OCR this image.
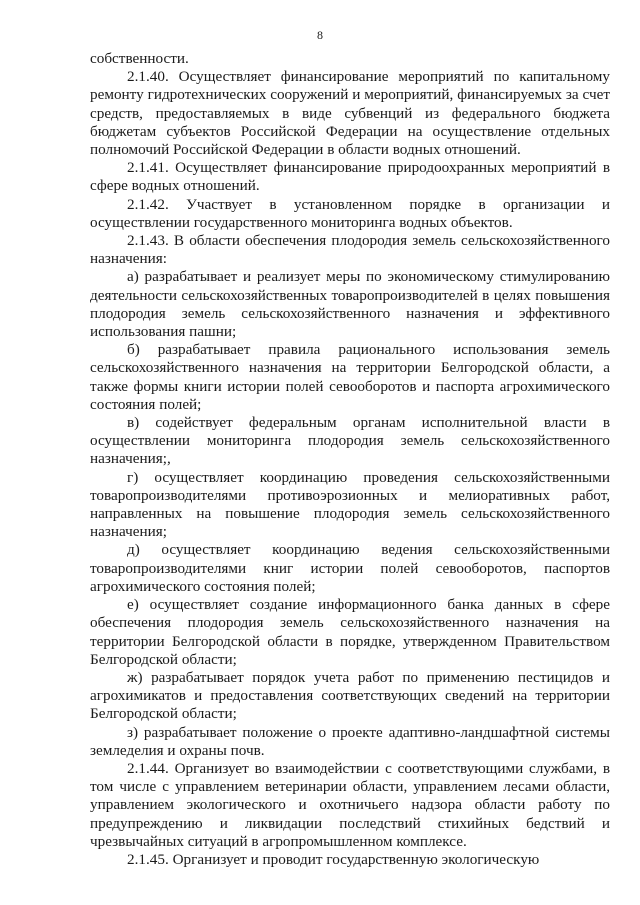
8

собственности.

2.1.40. Осуществляет финансирование мероприятий по капитальному ремонту гидротехнических сооружений и мероприятий, финансируемых за счет средств, предоставляемых в виде субвенций из федерального бюджета бюджетам субъектов Российской Федерации на осуществление отдельных полномочий Российской Федерации в области водных отношений.

2.1.41. Осуществляет финансирование природоохранных мероприятий в сфере водных отношений.

2.1.42. Участвует в установленном порядке в организации и осуществлении государственного мониторинга водных объектов.

2.1.43. В области обеспечения плодородия земель сельскохозяйственного назначения:

а) разрабатывает и реализует меры по экономическому стимулированию деятельности сельскохозяйственных товаропроизводителей в целях повышения плодородия земель сельскохозяйственного назначения и эффективного использования пашни;

б) разрабатывает правила рационального использования земель сельскохозяйственного назначения на территории Белгородской области, а также формы книги истории полей севооборотов и паспорта агрохимического состояния полей;

в) содействует федеральным органам исполнительной власти в осуществлении мониторинга плодородия земель сельскохозяйственного назначения;,

г) осуществляет координацию проведения сельскохозяйственными товаропроизводителями противоэрозионных и мелиоративных работ, направленных на повышение плодородия земель сельскохозяйственного назначения;

д) осуществляет координацию ведения сельскохозяйственными товаропроизводителями книг истории полей севооборотов, паспортов агрохимического состояния полей;

е) осуществляет создание информационного банка данных в сфере обеспечения плодородия земель сельскохозяйственного назначения на территории Белгородской области в порядке, утвержденном Правительством Белгородской области;

ж) разрабатывает порядок учета работ по применению пестицидов и агрохимикатов и предоставления соответствующих сведений на территории Белгородской области;

з) разрабатывает положение о проекте адаптивно-ландшафтной системы земледелия и охраны почв.

2.1.44. Организует во взаимодействии с соответствующими службами, в том числе с управлением ветеринарии области, управлением лесами области, управлением экологического и охотничьего надзора области работу по предупреждению и ликвидации последствий стихийных бедствий и чрезвычайных ситуаций в агропромышленном комплексе.

2.1.45. Организует и проводит государственную экологическую
